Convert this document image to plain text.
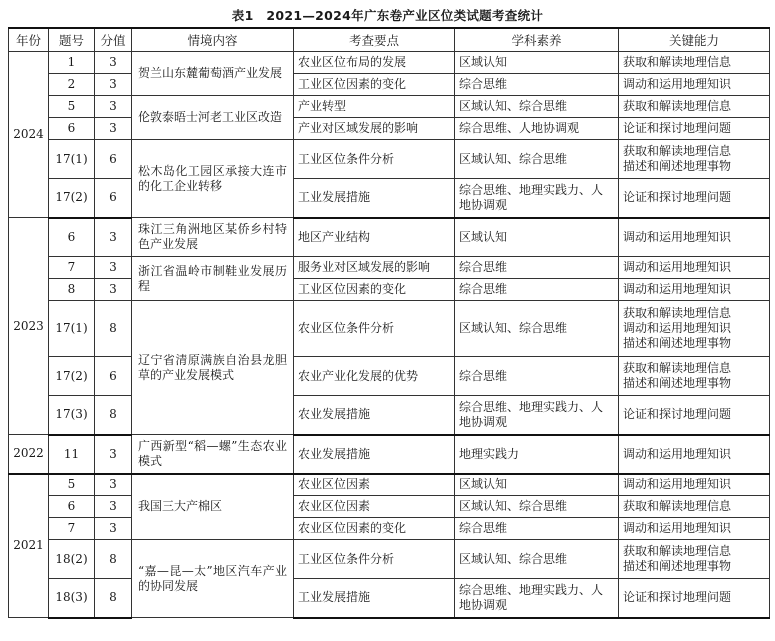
表1　2021—2024年广东卷产业区位类试题考查统计
年份	题号	分值	情境内容	考查要点	学科素养	关键能力
2024	1	3	贺兰山东麓葡萄酒产业发展	农业区位布局的发展	区域认知	获取和解读地理信息
	2	3		工业区位因素的变化	综合思维	调动和运用地理知识
	5	3	伦敦泰晤士河老工业区改造	产业转型	区域认知、综合思维	获取和解读地理信息
	6	3		产业对区域发展的影响	综合思维、人地协调观	论证和探讨地理问题
	17(1)	6	松木岛化工园区承接大连市的化工企业转移	工业区位条件分析	区域认知、综合思维	获取和解读地理信息
描述和阐述地理事物
	17(2)	6		工业发展措施	综合思维、地理实践力、人地协调观	论证和探讨地理问题
2023	6	3	珠江三角洲地区某侨乡村特色产业发展	地区产业结构	区域认知	调动和运用地理知识
	7	3	浙江省温岭市制鞋业发展历程	服务业对区域发展的影响	综合思维	调动和运用地理知识
	8	3		工业区位因素的变化	综合思维	调动和运用地理知识
	17(1)	8	辽宁省清原满族自治县龙胆草的产业发展模式	农业区位条件分析	区域认知、综合思维	获取和解读地理信息
调动和运用地理知识
描述和阐述地理事物
	17(2)	6		农业产业化发展的优势	综合思维	获取和解读地理信息
描述和阐述地理事物
	17(3)	8		农业发展措施	综合思维、地理实践力、人地协调观	论证和探讨地理问题
2022	11	3	广西新型“稻—螺”生态农业模式	农业发展措施	地理实践力	调动和运用地理知识
2021	5	3	我国三大产棉区	农业区位因素	区域认知	调动和运用地理知识
	6	3		农业区位因素	区域认知、综合思维	获取和解读地理信息
	7	3		农业区位因素的变化	综合思维	调动和运用地理知识
	18(2)	8	“嘉—昆—太”地区汽车产业的协同发展	工业区位条件分析	区域认知、综合思维	获取和解读地理信息
描述和阐述地理事物
	18(3)	8		工业发展措施	综合思维、地理实践力、人地协调观	论证和探讨地理问题
